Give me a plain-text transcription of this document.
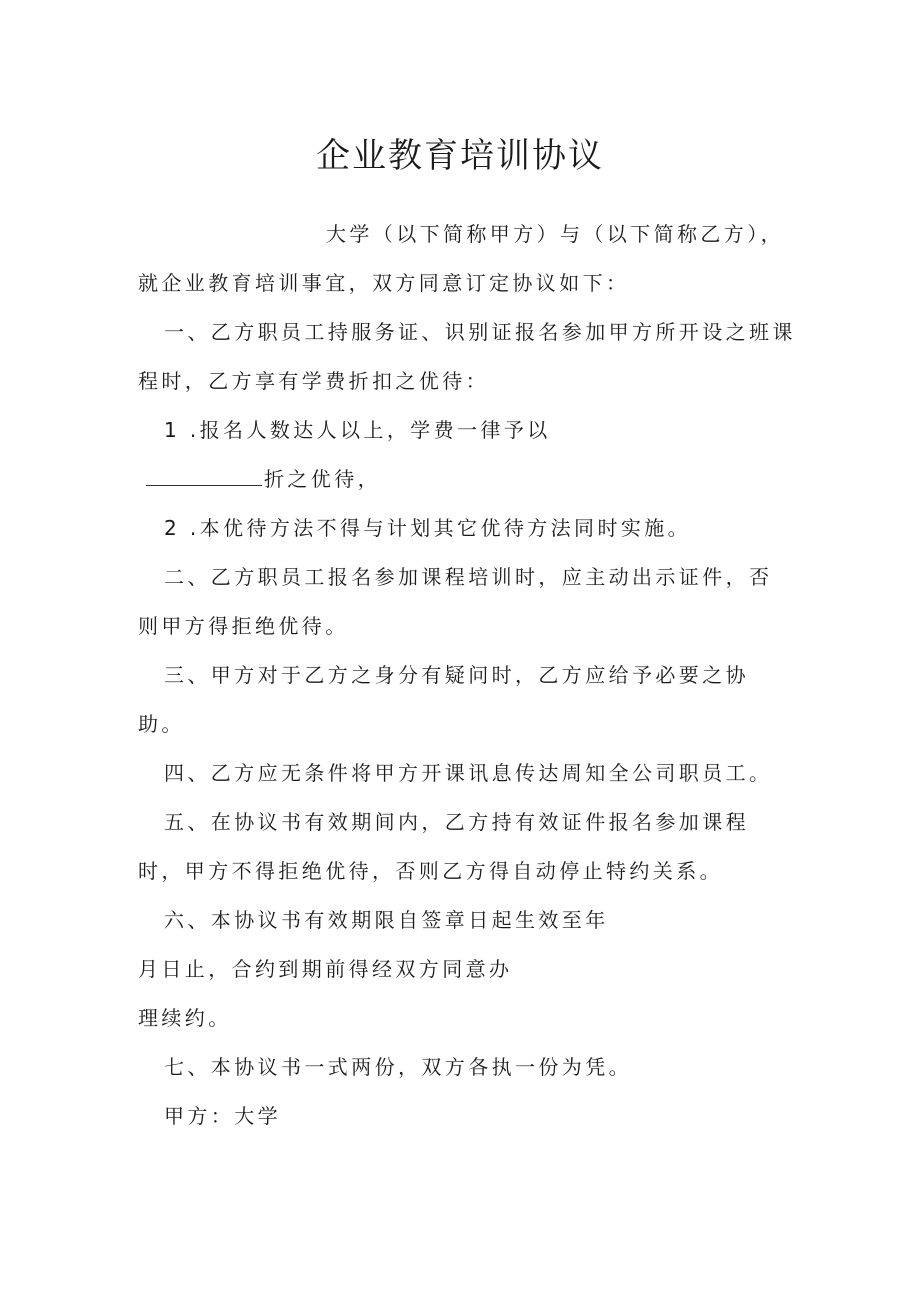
企业教育培训协议
大学（以下简称甲方）与（以下简称乙方），
就企业教育培训事宜，双方同意订定协议如下：
一、乙方职员工持服务证、识别证报名参加甲方所开设之班课
程时，乙方享有学费折扣之优待：
1 .报名人数达人以上，学费一律予以
折之优待，
2 .本优待方法不得与计划其它优待方法同时实施。
二、乙方职员工报名参加课程培训时，应主动出示证件，否
则甲方得拒绝优待。
三、甲方对于乙方之身分有疑问时，乙方应给予必要之协
助。
四、乙方应无条件将甲方开课讯息传达周知全公司职员工。
五、在协议书有效期间内，乙方持有效证件报名参加课程
时，甲方不得拒绝优待，否则乙方得自动停止特约关系。
六、本协议书有效期限自签章日起生效至年
月日止，合约到期前得经双方同意办
理续约。
七、本协议书一式两份，双方各执一份为凭。
甲方：大学
